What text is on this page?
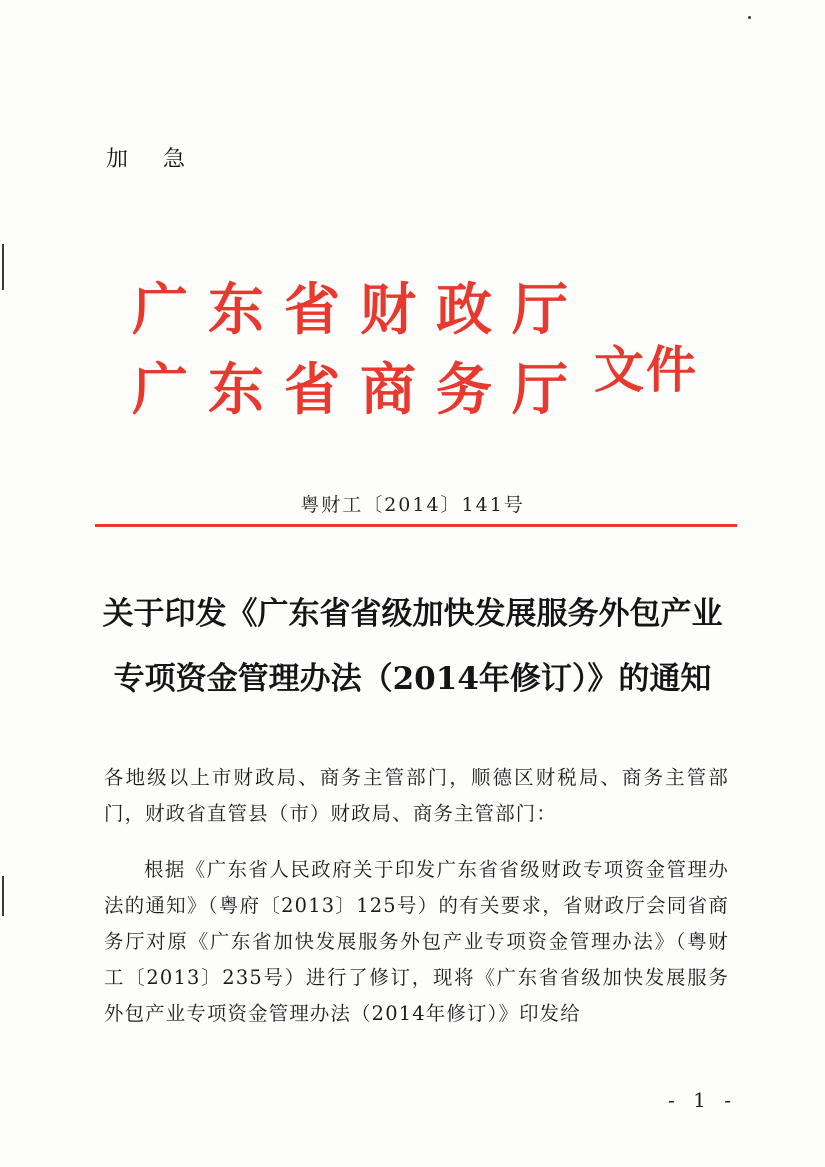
加 急
广东省财政厅
广东省商务厅 文件
粤财工〔2014〕141号
关于印发《广东省省级加快发展服务外包产业
专项资金管理办法（2014年修订）》的通知
各地级以上市财政局、商务主管部门，顺德区财税局、商务主管部门，财政省直管县（市）财政局、商务主管部门：
根据《广东省人民政府关于印发广东省省级财政专项资金管理办法的通知》（粤府〔2013〕125号）的有关要求，省财政厅会同省商务厅对原《广东省加快发展服务外包产业专项资金管理办法》（粤财工〔2013〕235号）进行了修订，现将《广东省省级加快发展服务外包产业专项资金管理办法（2014年修订）》印发给
- 1 -
